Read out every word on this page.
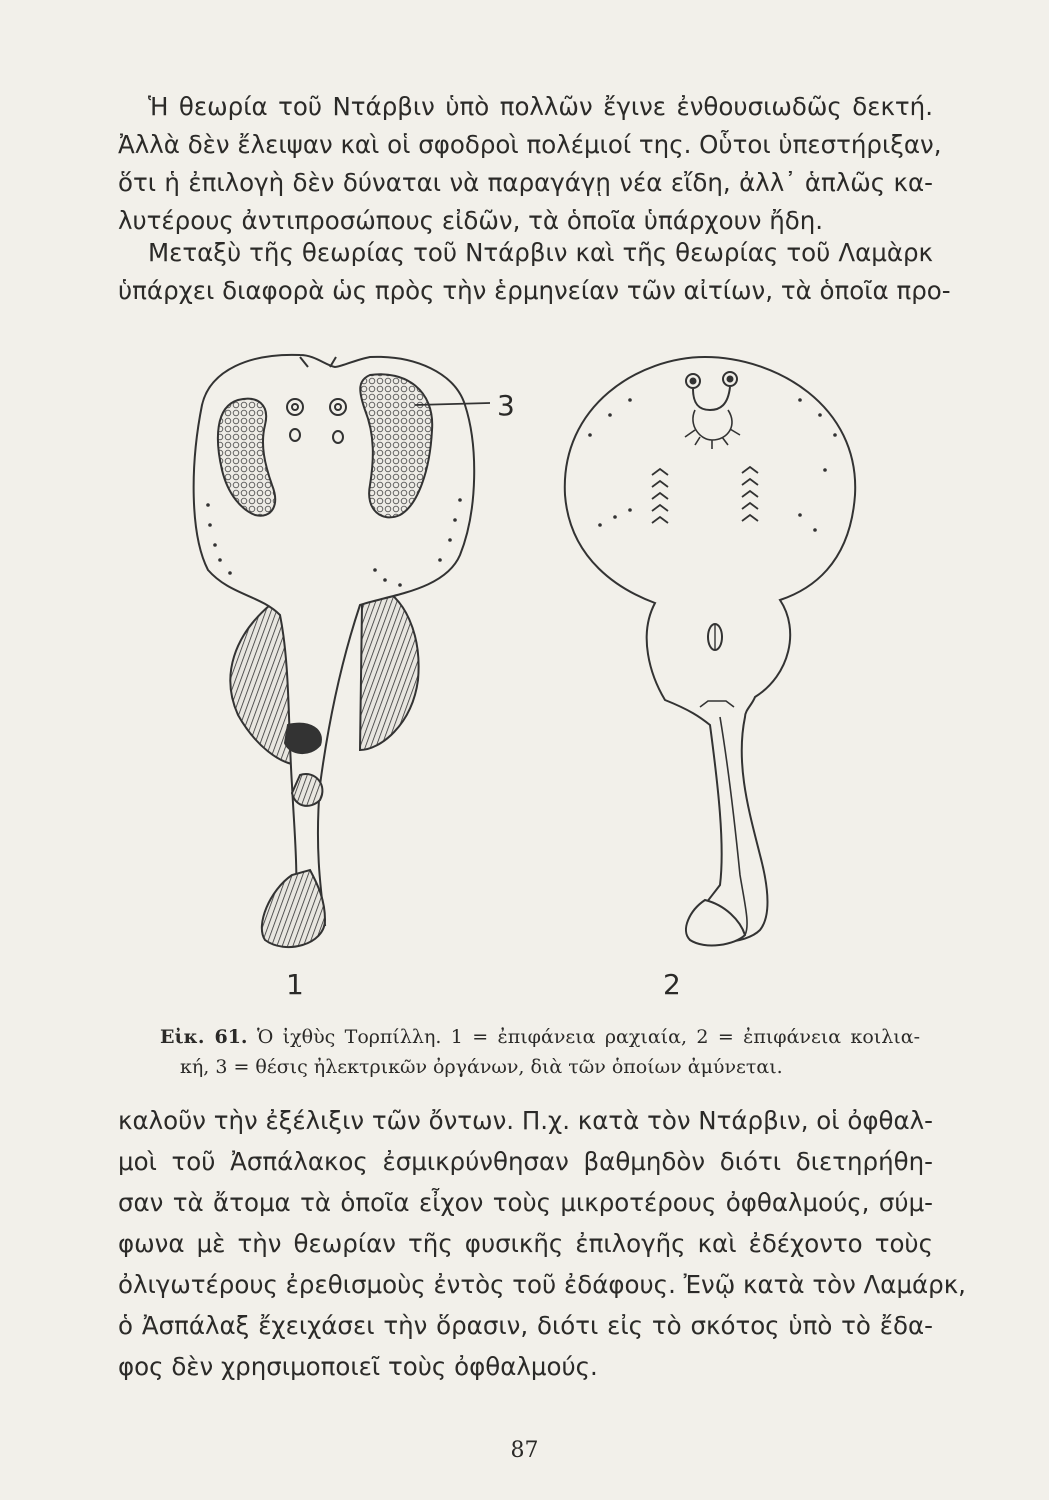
Ἡ θεωρία τοῦ Ντάρβιν ὑπὸ πολλῶν ἔγινε ἐνθουσιωδῶς δεκτή.
Ἀλλὰ δὲν ἔλειψαν καὶ οἱ σφοδροὶ πολέμιοί της. Οὗτοι ὑπεστήριξαν,
ὅτι ἡ ἐπιλογὴ δὲν δύναται νὰ παραγάγῃ νέα εἴδη, ἀλλ᾽ ἁπλῶς κα-
λυτέρους ἀντιπροσώπους εἰδῶν, τὰ ὁποῖα ὑπάρχουν ἤδη.
Μεταξὺ τῆς θεωρίας τοῦ Ντάρβιν καὶ τῆς θεωρίας τοῦ Λαμὰρκ
ὑπάρχει διαφορὰ ὡς πρὸς τὴν ἑρμηνείαν τῶν αἰτίων, τὰ ὁποῖα προ-
3
1	2
Εἰκ. 61. Ὁ ἰχθὺς Τορπίλλη. 1 = ἐπιφάνεια ραχιαία, 2 = ἐπιφάνεια κοιλια-
κή, 3 = θέσις ἠλεκτρικῶν ὀργάνων, διὰ τῶν ὁποίων ἀμύνεται.
καλοῦν τὴν ἐξέλιξιν τῶν ὄντων. Π.χ. κατὰ τὸν Ντάρβιν, οἱ ὀφθαλ-
μοὶ τοῦ Ἀσπάλακος ἐσμικρύνθησαν βαθμηδὸν διότι διετηρήθη-
σαν τὰ ἄτομα τὰ ὁποῖα εἶχον τοὺς μικροτέρους ὀφθαλμούς, σύμ-
φωνα μὲ τὴν θεωρίαν τῆς φυσικῆς ἐπιλογῆς καὶ ἐδέχοντο τοὺς
ὀλιγωτέρους ἐρεθισμοὺς ἐντὸς τοῦ ἐδάφους. Ἐνῷ κατὰ τὸν Λαμάρκ,
ὁ Ἀσπάλαξ ἔχειχάσει τὴν ὅρασιν, διότι εἰς τὸ σκότος ὑπὸ τὸ ἔδα-
φος δὲν χρησιμοποιεῖ τοὺς ὀφθαλμούς.
87
